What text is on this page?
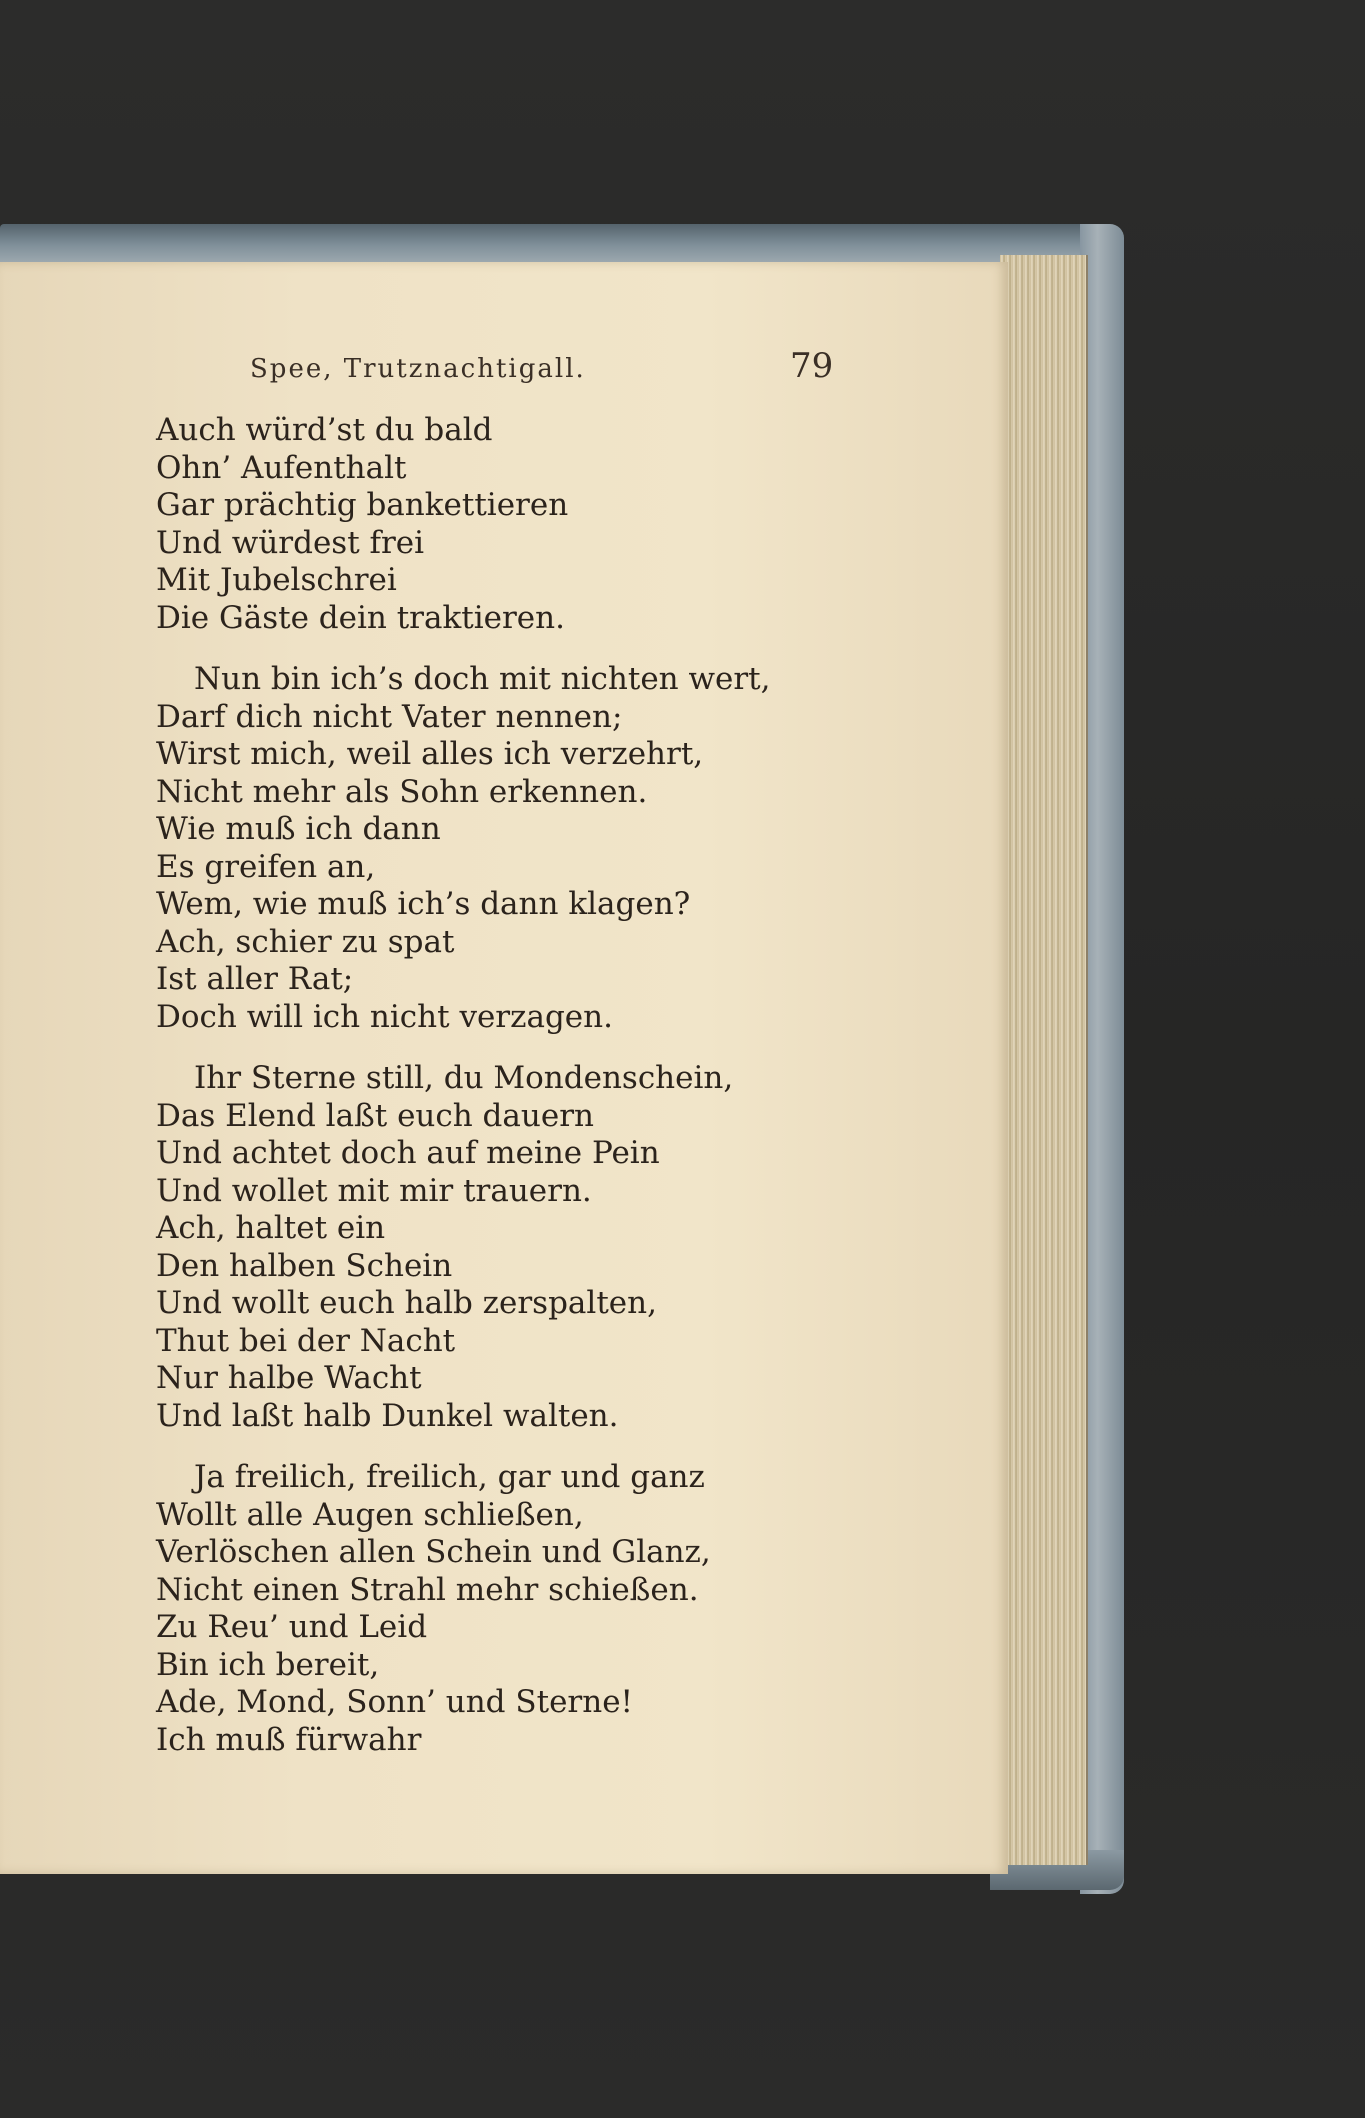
Spee, Trutznachtigall.	79
Auch würd’st du bald
Ohn’ Aufenthalt
Gar prächtig bankettieren
Und würdest frei
Mit Jubelschrei
Die Gäste dein traktieren.
Nun bin ich’s doch mit nichten wert,
Darf dich nicht Vater nennen;
Wirst mich, weil alles ich verzehrt,
Nicht mehr als Sohn erkennen.
Wie muß ich dann
Es greifen an,
Wem, wie muß ich’s dann klagen?
Ach, schier zu spat
Ist aller Rat;
Doch will ich nicht verzagen.
Ihr Sterne still, du Mondenschein,
Das Elend laßt euch dauern
Und achtet doch auf meine Pein
Und wollet mit mir trauern.
Ach, haltet ein
Den halben Schein
Und wollt euch halb zerspalten,
Thut bei der Nacht
Nur halbe Wacht
Und laßt halb Dunkel walten.
Ja freilich, freilich, gar und ganz
Wollt alle Augen schließen,
Verlöschen allen Schein und Glanz,
Nicht einen Strahl mehr schießen.
Zu Reu’ und Leid
Bin ich bereit,
Ade, Mond, Sonn’ und Sterne!
Ich muß fürwahr
